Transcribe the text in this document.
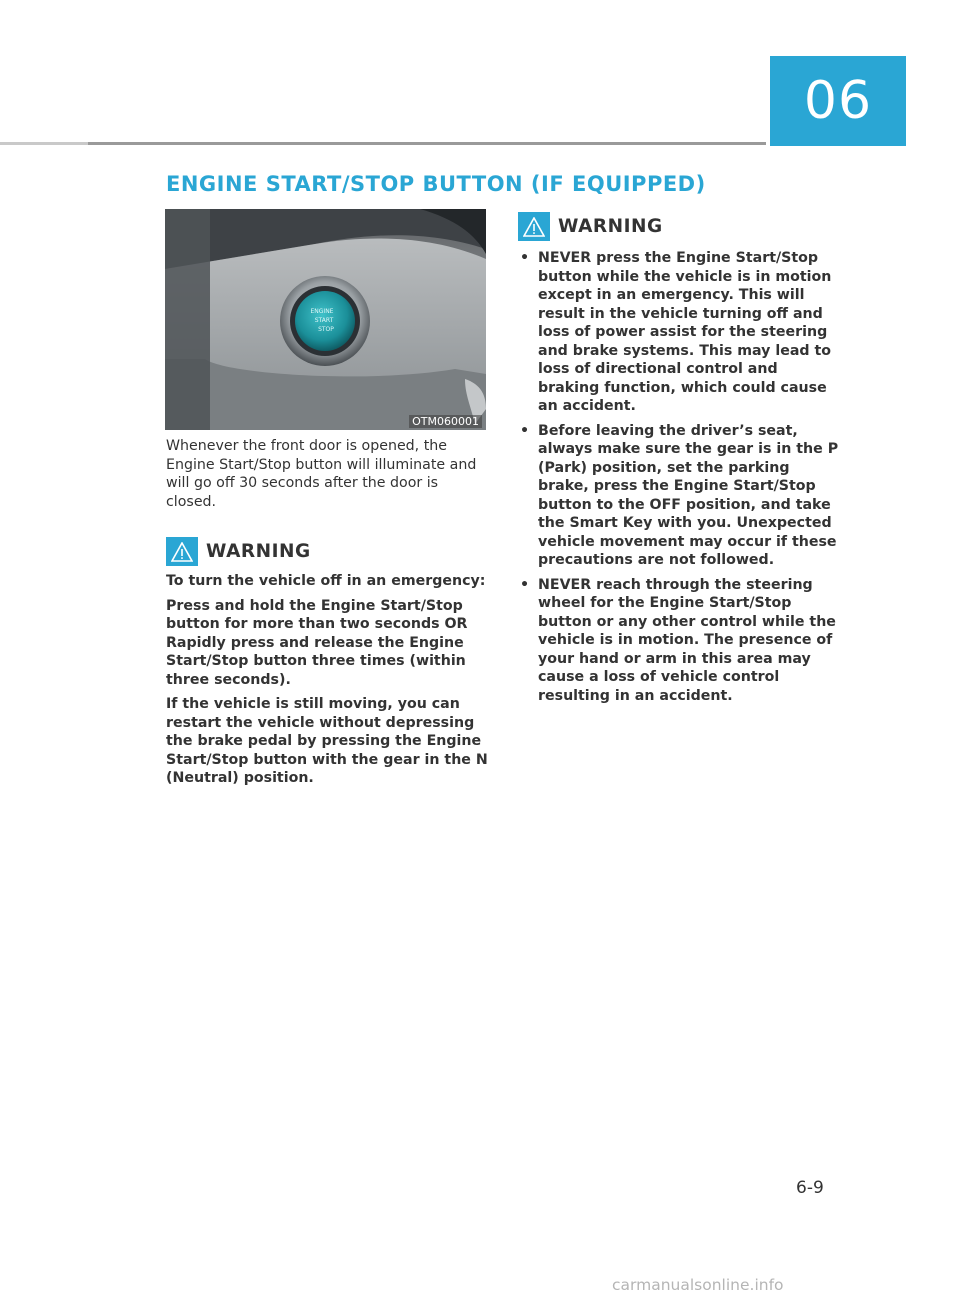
06
ENGINE START/STOP BUTTON (IF EQUIPPED)
ENGINE
START
STOP
OTM060001

Whenever the front door is opened, the Engine Start/Stop button will illuminate and will go off 30 seconds after the door is closed.

WARNING

To turn the vehicle off in an emergency:

Press and hold the Engine Start/Stop button for more than two seconds OR Rapidly press and release the Engine Start/Stop button three times (within three seconds).

If the vehicle is still moving, you can restart the vehicle without depressing the brake pedal by pressing the Engine Start/Stop button with the gear in the N (Neutral) position.

WARNING
• NEVER press the Engine Start/Stop button while the vehicle is in motion except in an emergency. This will result in the vehicle turning off and loss of power assist for the steering and brake systems. This may lead to loss of directional control and braking function, which could cause an accident.
• Before leaving the driver’s seat, always make sure the gear is in the P (Park) position, set the parking brake, press the Engine Start/Stop button to the OFF position, and take the Smart Key with you. Unexpected vehicle movement may occur if these precautions are not followed.
• NEVER reach through the steering wheel for the Engine Start/Stop button or any other control while the vehicle is in motion. The presence of your hand or arm in this area may cause a loss of vehicle control resulting in an accident.

6-9

carmanualsonline.info
